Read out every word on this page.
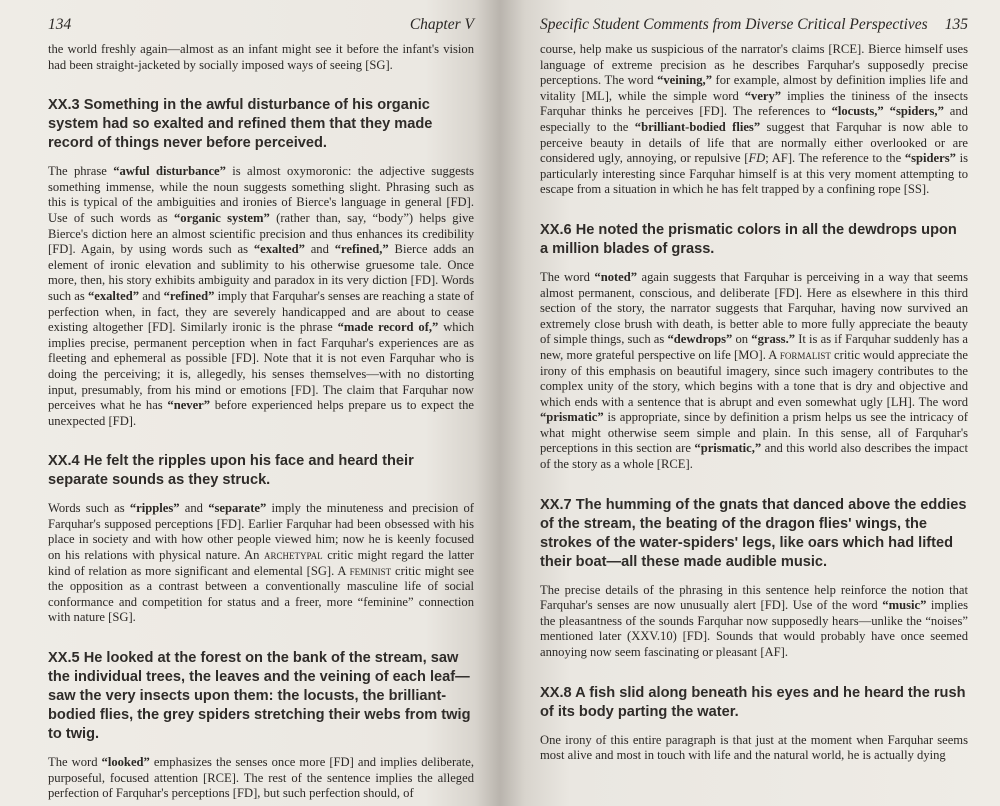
134	Chapter V

the world freshly again—almost as an infant might see it before the infant's vision had been straight-jacketed by socially imposed ways of seeing [SG].

XX.3 Something in the awful disturbance of his organic system had so exalted and refined them that they made record of things never before perceived.

The phrase “awful disturbance” is almost oxymoronic: the adjective suggests something immense, while the noun suggests something slight. Phrasing such as this is typical of the ambiguities and ironies of Bierce's language in general [FD]. Use of such words as “organic system” (rather than, say, “body”) helps give Bierce's diction here an almost scientific precision and thus enhances its credibility [FD]. Again, by using words such as “exalted” and “refined,” Bierce adds an element of ironic elevation and sublimity to his otherwise gruesome tale. Once more, then, his story exhibits ambiguity and paradox in its very diction [FD]. Words such as “exalted” and “refined” imply that Farquhar's senses are reaching a state of perfection when, in fact, they are severely handicapped and are about to cease existing altogether [FD]. Similarly ironic is the phrase “made record of,” which implies precise, permanent perception when in fact Farquhar's experiences are as fleeting and ephemeral as possible [FD]. Note that it is not even Farquhar who is doing the perceiving; it is, allegedly, his senses themselves—with no distorting input, presumably, from his mind or emotions [FD]. The claim that Farquhar now perceives what he has “never” before experienced helps prepare us to expect the unexpected [FD].

XX.4 He felt the ripples upon his face and heard their separate sounds as they struck.

Words such as “ripples” and “separate” imply the minuteness and precision of Farquhar's supposed perceptions [FD]. Earlier Farquhar had been obsessed with his place in society and with how other people viewed him; now he is keenly focused on his relations with physical nature. An archetypal critic might regard the latter kind of relation as more significant and elemental [SG]. A feminist critic might see the opposition as a contrast between a conventionally masculine life of social conformance and competition for status and a freer, more “feminine” connection with nature [SG].

XX.5 He looked at the forest on the bank of the stream, saw the individual trees, the leaves and the veining of each leaf—saw the very insects upon them: the locusts, the brilliant-bodied flies, the grey spiders stretching their webs from twig to twig.

The word “looked” emphasizes the senses once more [FD] and implies deliberate, purposeful, focused attention [RCE]. The rest of the sentence implies the alleged perfection of Farquhar's perceptions [FD], but such perfection should, of

Specific Student Comments from Diverse Critical Perspectives 135

course, help make us suspicious of the narrator's claims [RCE]. Bierce himself uses language of extreme precision as he describes Farquhar's supposedly precise perceptions. The word “veining,” for example, almost by definition implies life and vitality [ML], while the simple word “very” implies the tininess of the insects Farquhar thinks he perceives [FD]. The references to “locusts,” “spiders,” and especially to the “brilliant-bodied flies” suggest that Farquhar is now able to perceive beauty in details of life that are normally either overlooked or are considered ugly, annoying, or repulsive [FD; AF]. The reference to the “spiders” is particularly interesting since Farquhar himself is at this very moment attempting to escape from a situation in which he has felt trapped by a confining rope [SS].

XX.6 He noted the prismatic colors in all the dewdrops upon a million blades of grass.

The word “noted” again suggests that Farquhar is perceiving in a way that seems almost permanent, conscious, and deliberate [FD]. Here as elsewhere in this third section of the story, the narrator suggests that Farquhar, having now survived an extremely close brush with death, is better able to more fully appreciate the beauty of simple things, such as “dewdrops” on “grass.” It is as if Farquhar suddenly has a new, more grateful perspective on life [MO]. A formalist critic would appreciate the irony of this emphasis on beautiful imagery, since such imagery contributes to the complex unity of the story, which begins with a tone that is dry and objective and which ends with a sentence that is abrupt and even somewhat ugly [LH]. The word “prismatic” is appropriate, since by definition a prism helps us see the intricacy of what might otherwise seem simple and plain. In this sense, all of Farquhar's perceptions in this section are “prismatic,” and this world also describes the impact of the story as a whole [RCE].

XX.7 The humming of the gnats that danced above the eddies of the stream, the beating of the dragon flies' wings, the strokes of the water-spiders' legs, like oars which had lifted their boat—all these made audible music.

The precise details of the phrasing in this sentence help reinforce the notion that Farquhar's senses are now unusually alert [FD]. Use of the word “music” implies the pleasantness of the sounds Farquhar now supposedly hears—unlike the “noises” mentioned later (XXV.10) [FD]. Sounds that would probably have once seemed annoying now seem fascinating or pleasant [AF].

XX.8 A fish slid along beneath his eyes and he heard the rush of its body parting the water.

One irony of this entire paragraph is that just at the moment when Farquhar seems most alive and most in touch with life and the natural world, he is actually dying
